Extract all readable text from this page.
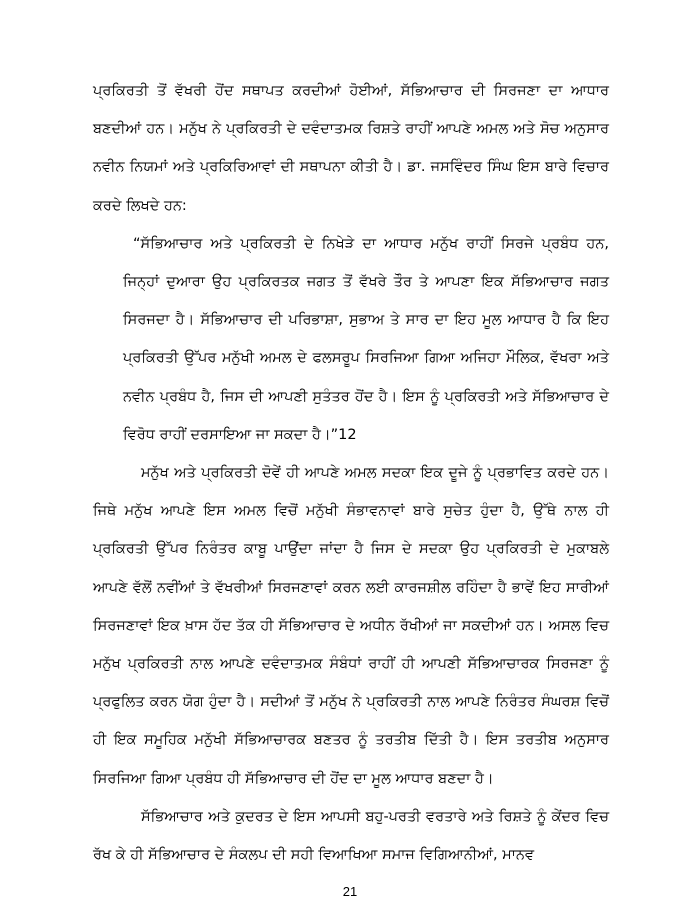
ਪ੍ਰਕਿਰਤੀ ਤੋਂ ਵੱਖਰੀ ਹੋਂਦ ਸਥਾਪਤ ਕਰਦੀਆਂ ਹੋਈਆਂ, ਸੱਭਿਆਚਾਰ ਦੀ ਸਿਰਜਣਾ ਦਾ ਆਧਾਰ ਬਣਦੀਆਂ ਹਨ। ਮਨੁੱਖ ਨੇ ਪ੍ਰਕਿਰਤੀ ਦੇ ਦਵੰਦਾਤਮਕ ਰਿਸ਼ਤੇ ਰਾਹੀਂ ਆਪਣੇ ਅਮਲ ਅਤੇ ਸੋਚ ਅਨੁਸਾਰ ਨਵੀਨ ਨਿਯਮਾਂ ਅਤੇ ਪ੍ਰਕਿਰਿਆਵਾਂ ਦੀ ਸਥਾਪਨਾ ਕੀਤੀ ਹੈ। ਡਾ. ਜਸਵਿੰਦਰ ਸਿੰਘ ਇਸ ਬਾਰੇ ਵਿਚਾਰ ਕਰਦੇ ਲਿਖਦੇ ਹਨ:

“ਸੱਭਿਆਚਾਰ ਅਤੇ ਪ੍ਰਕਿਰਤੀ ਦੇ ਨਿਖੇੜੇ ਦਾ ਆਧਾਰ ਮਨੁੱਖ ਰਾਹੀਂ ਸਿਰਜੇ ਪ੍ਰਬੰਧ ਹਨ, ਜਿਨ੍ਹਾਂ ਦੁਆਰਾ ਉਹ ਪ੍ਰਕਿਰਤਕ ਜਗਤ ਤੋਂ ਵੱਖਰੇ ਤੌਰ ਤੇ ਆਪਣਾ ਇਕ ਸੱਭਿਆਚਾਰ ਜਗਤ ਸਿਰਜਦਾ ਹੈ। ਸੱਭਿਆਚਾਰ ਦੀ ਪਰਿਭਾਸ਼ਾ, ਸੁਭਾਅ ਤੇ ਸਾਰ ਦਾ ਇਹ ਮੂਲ ਆਧਾਰ ਹੈ ਕਿ ਇਹ ਪ੍ਰਕਿਰਤੀ ਉੱਪਰ ਮਨੁੱਖੀ ਅਮਲ ਦੇ ਫਲਸਰੂਪ ਸਿਰਜਿਆ ਗਿਆ ਅਜਿਹਾ ਮੌਲਿਕ, ਵੱਖਰਾ ਅਤੇ ਨਵੀਨ ਪ੍ਰਬੰਧ ਹੈ, ਜਿਸ ਦੀ ਆਪਣੀ ਸੁਤੰਤਰ ਹੋਂਦ ਹੈ। ਇਸ ਨੂੰ ਪ੍ਰਕਿਰਤੀ ਅਤੇ ਸੱਭਿਆਚਾਰ ਦੇ ਵਿਰੋਧ ਰਾਹੀਂ ਦਰਸਾਇਆ ਜਾ ਸਕਦਾ ਹੈ।”12

ਮਨੁੱਖ ਅਤੇ ਪ੍ਰਕਿਰਤੀ ਦੋਵੇਂ ਹੀ ਆਪਣੇ ਅਮਲ ਸਦਕਾ ਇਕ ਦੂਜੇ ਨੂੰ ਪ੍ਰਭਾਵਿਤ ਕਰਦੇ ਹਨ। ਜਿਥੇ ਮਨੁੱਖ ਆਪਣੇ ਇਸ ਅਮਲ ਵਿਚੋਂ ਮਨੁੱਖੀ ਸੰਭਾਵਨਾਵਾਂ ਬਾਰੇ ਸੁਚੇਤ ਹੁੰਦਾ ਹੈ, ਉੱਥੇ ਨਾਲ ਹੀ ਪ੍ਰਕਿਰਤੀ ਉੱਪਰ ਨਿਰੰਤਰ ਕਾਬੂ ਪਾਉਂਦਾ ਜਾਂਦਾ ਹੈ ਜਿਸ ਦੇ ਸਦਕਾ ਉਹ ਪ੍ਰਕਿਰਤੀ ਦੇ ਮੁਕਾਬਲੇ ਆਪਣੇ ਵੱਲੋਂ ਨਵੀਂਆਂ ਤੇ ਵੱਖਰੀਆਂ ਸਿਰਜਣਾਵਾਂ ਕਰਨ ਲਈ ਕਾਰਜਸ਼ੀਲ ਰਹਿੰਦਾ ਹੈ ਭਾਵੇਂ ਇਹ ਸਾਰੀਆਂ ਸਿਰਜਣਾਵਾਂ ਇਕ ਖ਼ਾਸ ਹੱਦ ਤੱਕ ਹੀ ਸੱਭਿਆਚਾਰ ਦੇ ਅਧੀਨ ਰੱਖੀਆਂ ਜਾ ਸਕਦੀਆਂ ਹਨ। ਅਸਲ ਵਿਚ ਮਨੁੱਖ ਪ੍ਰਕਿਰਤੀ ਨਾਲ ਆਪਣੇ ਦਵੰਦਾਤਮਕ ਸੰਬੰਧਾਂ ਰਾਹੀਂ ਹੀ ਆਪਣੀ ਸੱਭਿਆਚਾਰਕ ਸਿਰਜਣਾ ਨੂੰ ਪ੍ਰਫੁਲਿਤ ਕਰਨ ਯੋਗ ਹੁੰਦਾ ਹੈ। ਸਦੀਆਂ ਤੋਂ ਮਨੁੱਖ ਨੇ ਪ੍ਰਕਿਰਤੀ ਨਾਲ ਆਪਣੇ ਨਿਰੰਤਰ ਸੰਘਰਸ਼ ਵਿਚੋਂ ਹੀ ਇਕ ਸਮੂਹਿਕ ਮਨੁੱਖੀ ਸੱਭਿਆਚਾਰਕ ਬਣਤਰ ਨੂੰ ਤਰਤੀਬ ਦਿੱਤੀ ਹੈ। ਇਸ ਤਰਤੀਬ ਅਨੁਸਾਰ ਸਿਰਜਿਆ ਗਿਆ ਪ੍ਰਬੰਧ ਹੀ ਸੱਭਿਆਚਾਰ ਦੀ ਹੋਂਦ ਦਾ ਮੂਲ ਆਧਾਰ ਬਣਦਾ ਹੈ।

ਸੱਭਿਆਚਾਰ ਅਤੇ ਕੁਦਰਤ ਦੇ ਇਸ ਆਪਸੀ ਬਹੁ-ਪਰਤੀ ਵਰਤਾਰੇ ਅਤੇ ਰਿਸ਼ਤੇ ਨੂੰ ਕੇਂਦਰ ਵਿਚ ਰੱਖ ਕੇ ਹੀ ਸੱਭਿਆਚਾਰ ਦੇ ਸੰਕਲਪ ਦੀ ਸਹੀ ਵਿਆਖਿਆ ਸਮਾਜ ਵਿਗਿਆਨੀਆਂ, ਮਾਨਵ

21
